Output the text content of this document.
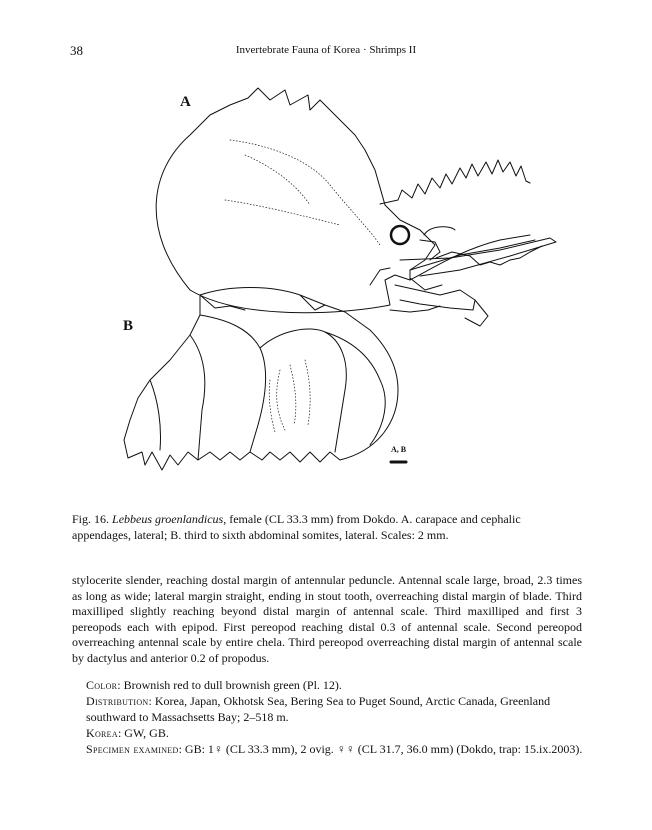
38	Invertebrate Fauna of Korea · Shrimps II
A
B
A, B
Fig. 16. Lebbeus groenlandicus, female (CL 33.3 mm) from Dokdo. A. carapace and cephalic appendages, lateral; B. third to sixth abdominal somites, lateral. Scales: 2 mm.
stylocerite slender, reaching dostal margin of antennular peduncle. Antennal scale large, broad, 2.3 times as long as wide; lateral margin straight, ending in stout tooth, overreaching distal margin of blade. Third maxilliped slightly reaching beyond distal margin of antennal scale. Third maxilliped and first 3 pereopods each with epipod. First pereopod reaching distal 0.3 of antennal scale. Second pereopod overreaching antennal scale by entire chela. Third pereopod overreaching distal margin of antennal scale by dactylus and anterior 0.2 of propodus.

Color: Brownish red to dull brownish green (Pl. 12).

Distribution: Korea, Japan, Okhotsk Sea, Bering Sea to Puget Sound, Arctic Canada, Greenland southward to Massachsetts Bay; 2–518 m.

Korea: GW, GB.

Specimen examined: GB: 1♀ (CL 33.3 mm), 2 ovig. ♀♀ (CL 31.7, 36.0 mm) (Dokdo, trap: 15.ix.2003).
